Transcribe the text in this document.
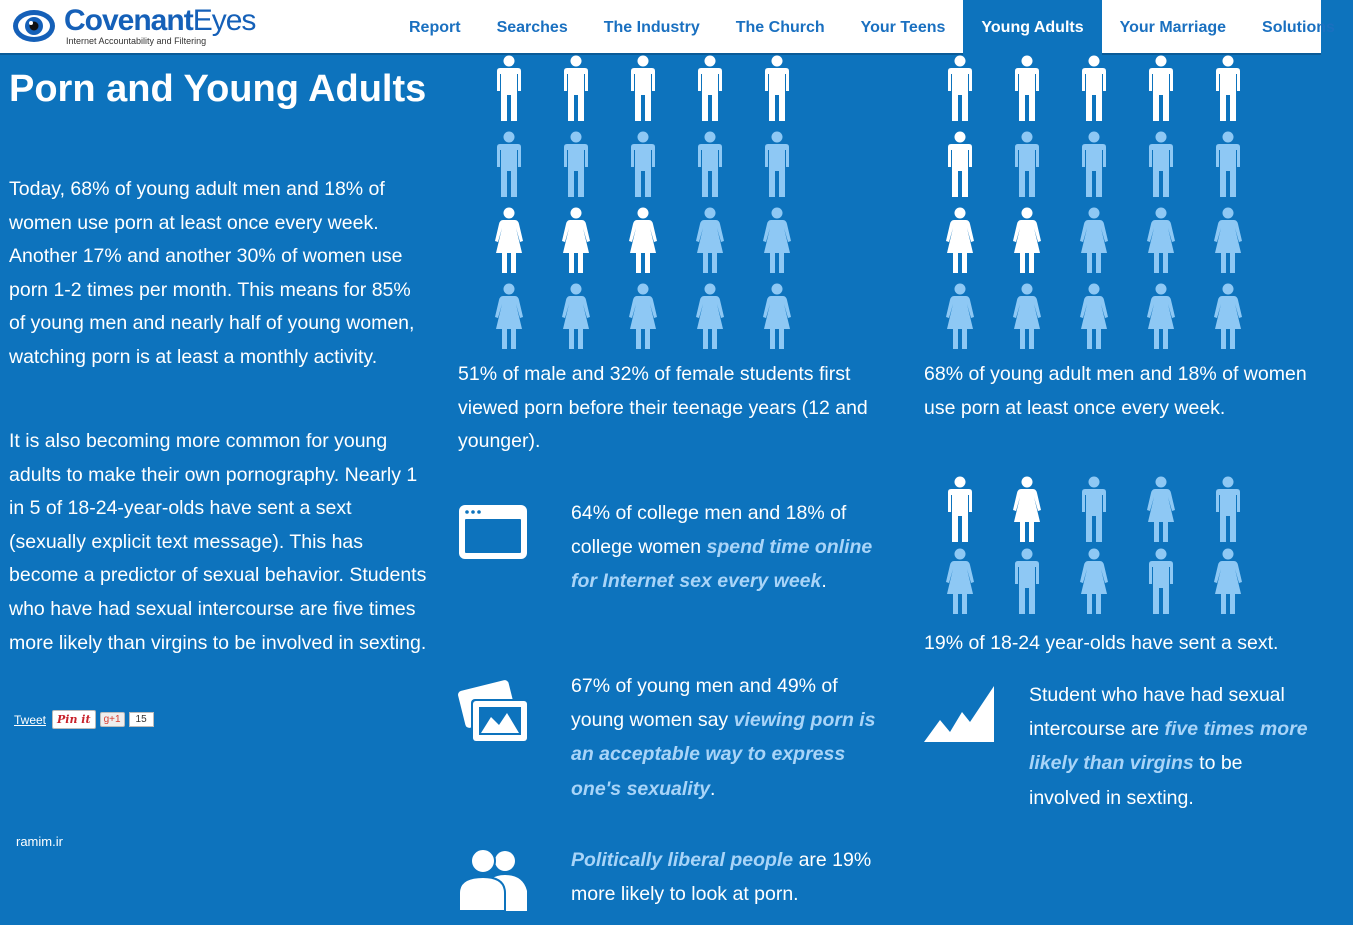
CovenantEyes
Internet Accountability and Filtering
Report	Searches	The Industry	The Church	Your Teens	Young Adults	Your Marriage	Solutions
Porn and Young Adults

Today, 68% of young adult men and 18% of women use porn at least once every week. Another 17% and another 30% of women use porn 1-2 times per month. This means for 85% of young men and nearly half of young women, watching porn is at least a monthly activity.

It is also becoming more common for young adults to make their own pornography. Nearly 1 in 5 of 18-24-year-olds have sent a sext (sexually explicit text message). This has become a predictor of sexual behavior. Students who have had sexual intercourse are five times more likely than virgins to be involved in sexting.

Tweet	Pin it	g+1	15
ramim.ir
51% of male and 32% of female students first viewed porn before their teenage years (12 and younger).
68% of young adult men and 18% of women use porn at least once every week.
19% of 18-24 year-olds have sent a sext.
64% of college men and 18% of college women spend time online for Internet sex every week.
67% of young men and 49% of young women say viewing porn is an acceptable way to express one's sexuality.
Politically liberal people are 19% more likely to look at porn.
Student who have had sexual intercourse are five times more likely than virgins to be involved in sexting.
